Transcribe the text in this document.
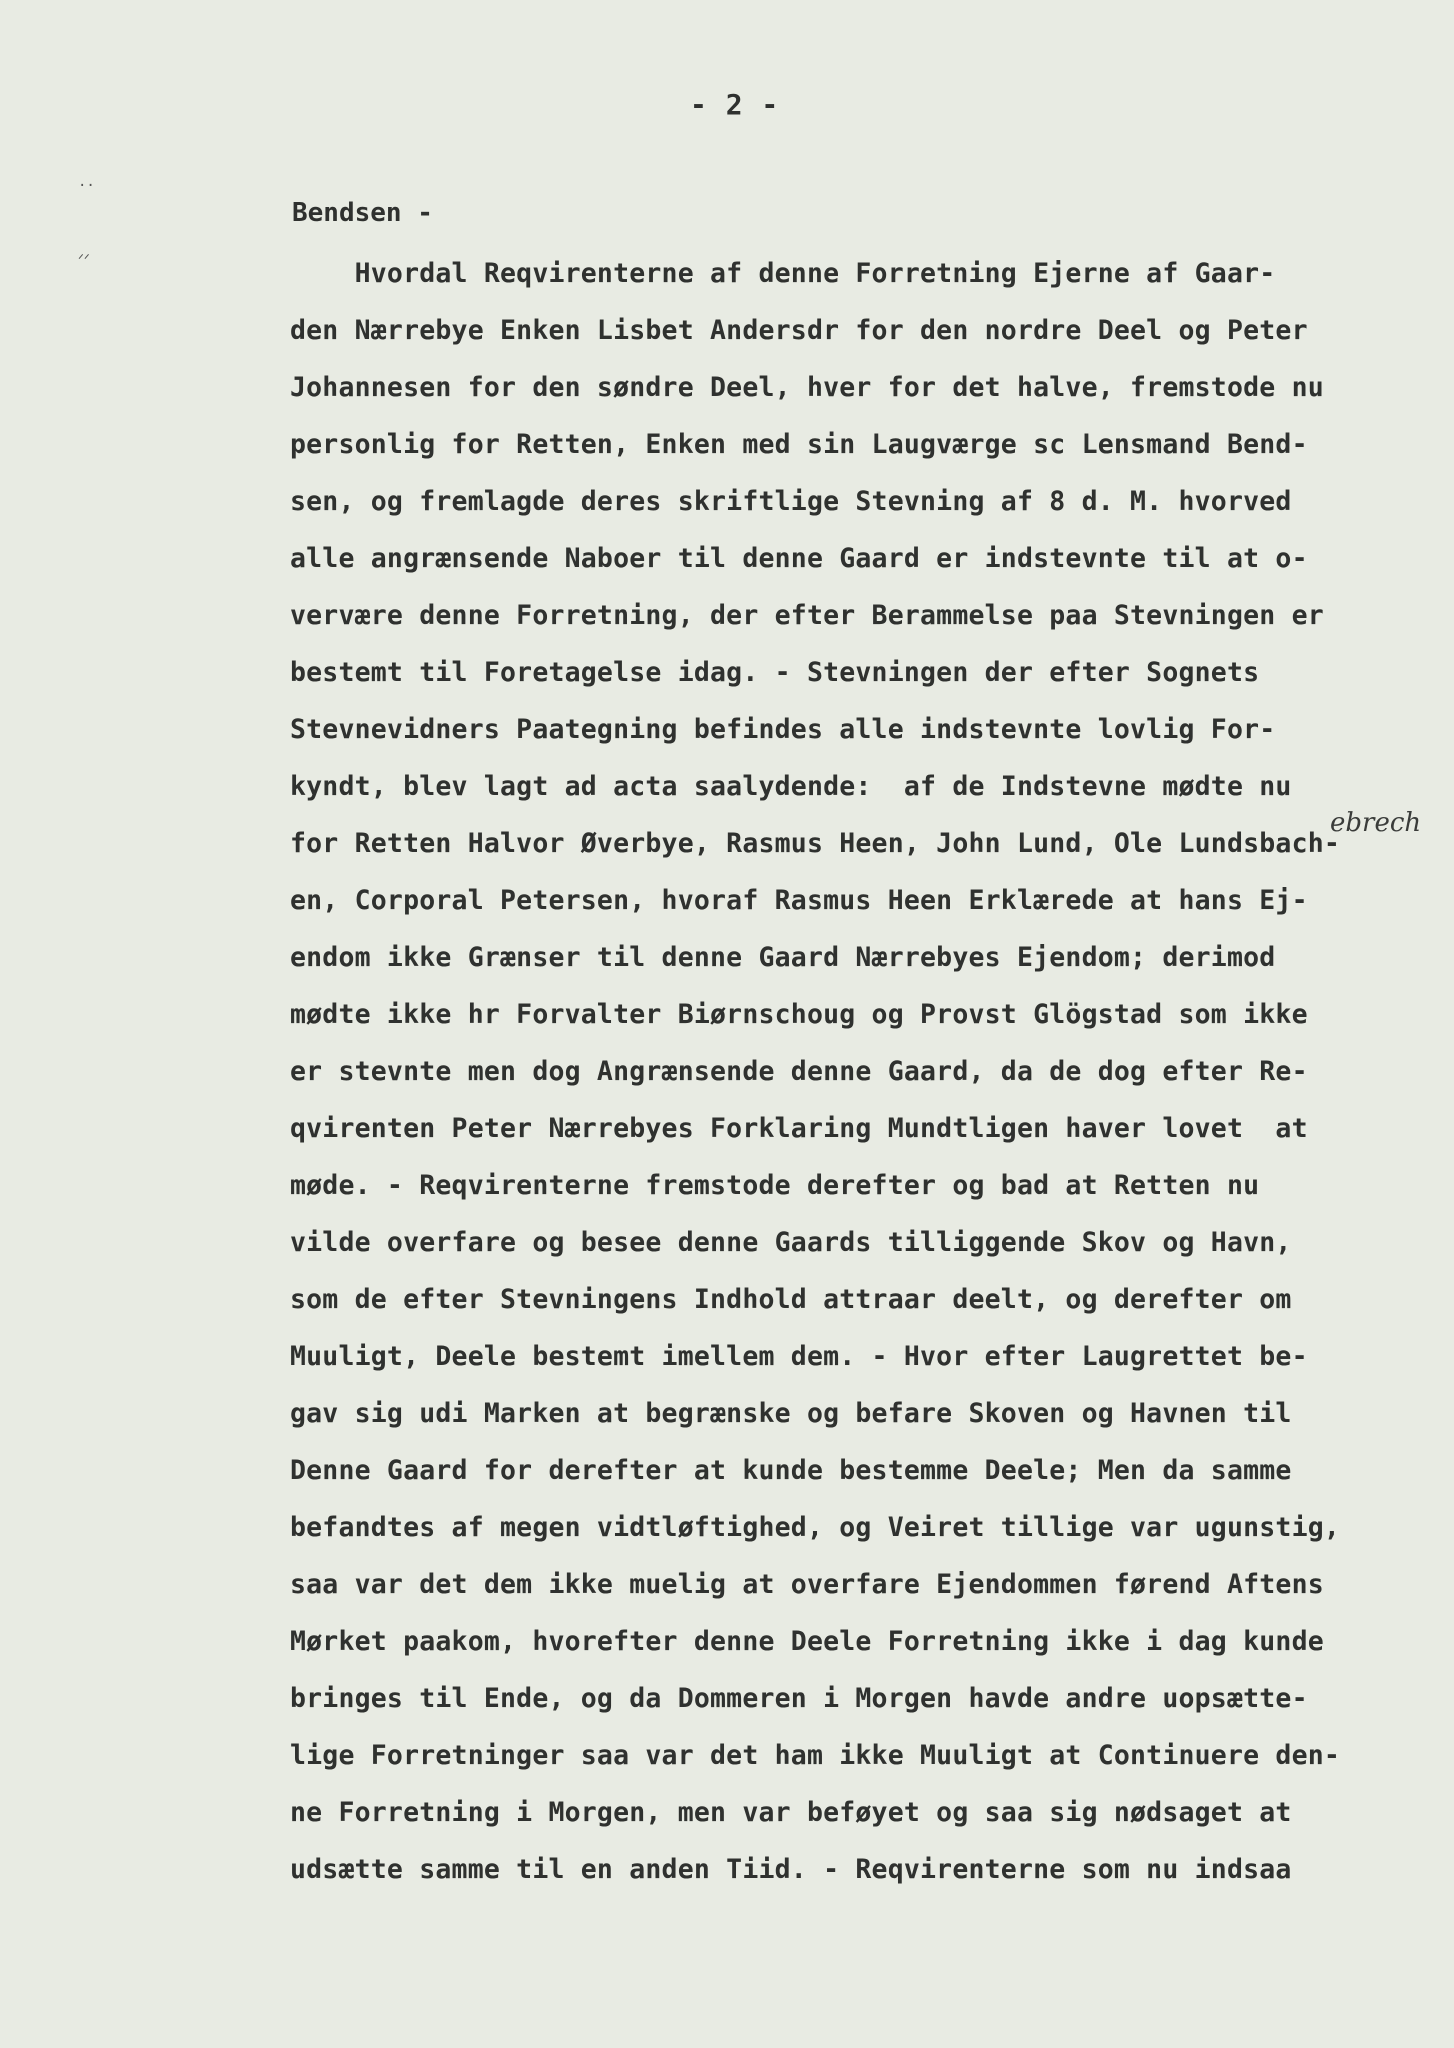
- 2 -
··
ᐟᐟ
Bendsen -
ebrech
Hvordal Reqvirenterne af denne Forretning Ejerne af Gaar-
den Nærrebye Enken Lisbet Andersdr for den nordre Deel og Peter
Johannesen for den søndre Deel, hver for det halve, fremstode nu
personlig for Retten, Enken med sin Laugværge sc Lensmand Bend-
sen, og fremlagde deres skriftlige Stevning af 8 d. M. hvorved
alle angrænsende Naboer til denne Gaard er indstevnte til at o-
vervære denne Forretning, der efter Berammelse paa Stevningen er
bestemt til Foretagelse idag. - Stevningen der efter Sognets
Stevnevidners Paategning befindes alle indstevnte lovlig For-
kyndt, blev lagt ad acta saalydende:  af de Indstevne mødte nu
for Retten Halvor Øverbye, Rasmus Heen, John Lund, Ole Lundsbach-
en, Corporal Petersen, hvoraf Rasmus Heen Erklærede at hans Ej-
endom ikke Grænser til denne Gaard Nærrebyes Ejendom; derimod
mødte ikke hr Forvalter Biørnschoug og Provst Glögstad som ikke
er stevnte men dog Angrænsende denne Gaard, da de dog efter Re-
qvirenten Peter Nærrebyes Forklaring Mundtligen haver lovet  at
møde. - Reqvirenterne fremstode derefter og bad at Retten nu
vilde overfare og besee denne Gaards tilliggende Skov og Havn,
som de efter Stevningens Indhold attraar deelt, og derefter om
Muuligt, Deele bestemt imellem dem. - Hvor efter Laugrettet be-
gav sig udi Marken at begrænske og befare Skoven og Havnen til
Denne Gaard for derefter at kunde bestemme Deele; Men da samme
befandtes af megen vidtløftighed, og Veiret tillige var ugunstig,
saa var det dem ikke muelig at overfare Ejendommen førend Aftens
Mørket paakom, hvorefter denne Deele Forretning ikke i dag kunde
bringes til Ende, og da Dommeren i Morgen havde andre uopsætte-
lige Forretninger saa var det ham ikke Muuligt at Continuere den-
ne Forretning i Morgen, men var beføyet og saa sig nødsaget at
udsætte samme til en anden Tiid. - Reqvirenterne som nu indsaa
